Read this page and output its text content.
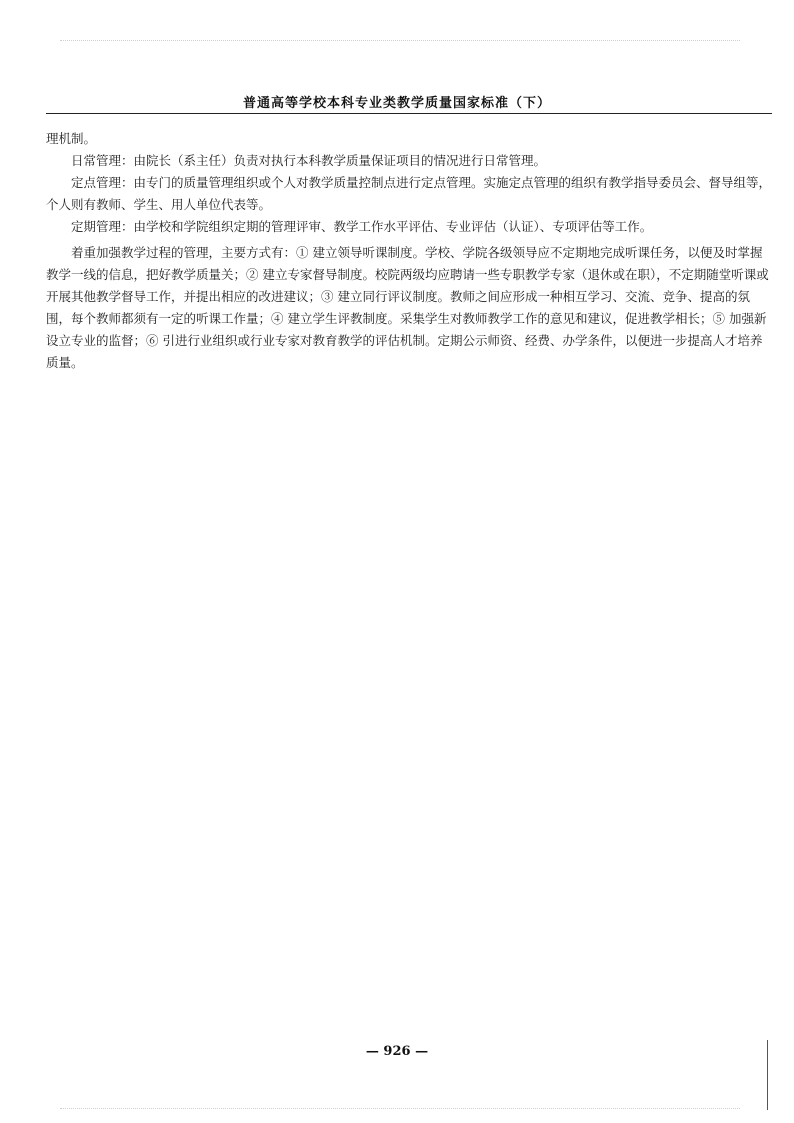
普通高等学校本科专业类教学质量国家标准（下）

理机制。

日常管理：由院长（系主任）负责对执行本科教学质量保证项目的情况进行日常管理。

定点管理：由专门的质量管理组织或个人对教学质量控制点进行定点管理。实施定点管理的组织有教学指导委员会、督导组等，个人则有教师、学生、用人单位代表等。

定期管理：由学校和学院组织定期的管理评审、教学工作水平评估、专业评估（认证）、专项评估等工作。

着重加强教学过程的管理，主要方式有：① 建立领导听课制度。学校、学院各级领导应不定期地完成听课任务，以便及时掌握教学一线的信息，把好教学质量关；② 建立专家督导制度。校院两级均应聘请一些专职教学专家（退休或在职），不定期随堂听课或开展其他教学督导工作，并提出相应的改进建议；③ 建立同行评议制度。教师之间应形成一种相互学习、交流、竞争、提高的氛围，每个教师都须有一定的听课工作量；④ 建立学生评教制度。采集学生对教师教学工作的意见和建议，促进教学相长；⑤ 加强新设立专业的监督；⑥ 引进行业组织或行业专家对教育教学的评估机制。定期公示师资、经费、办学条件，以便进一步提高人才培养质量。

— 926 —
